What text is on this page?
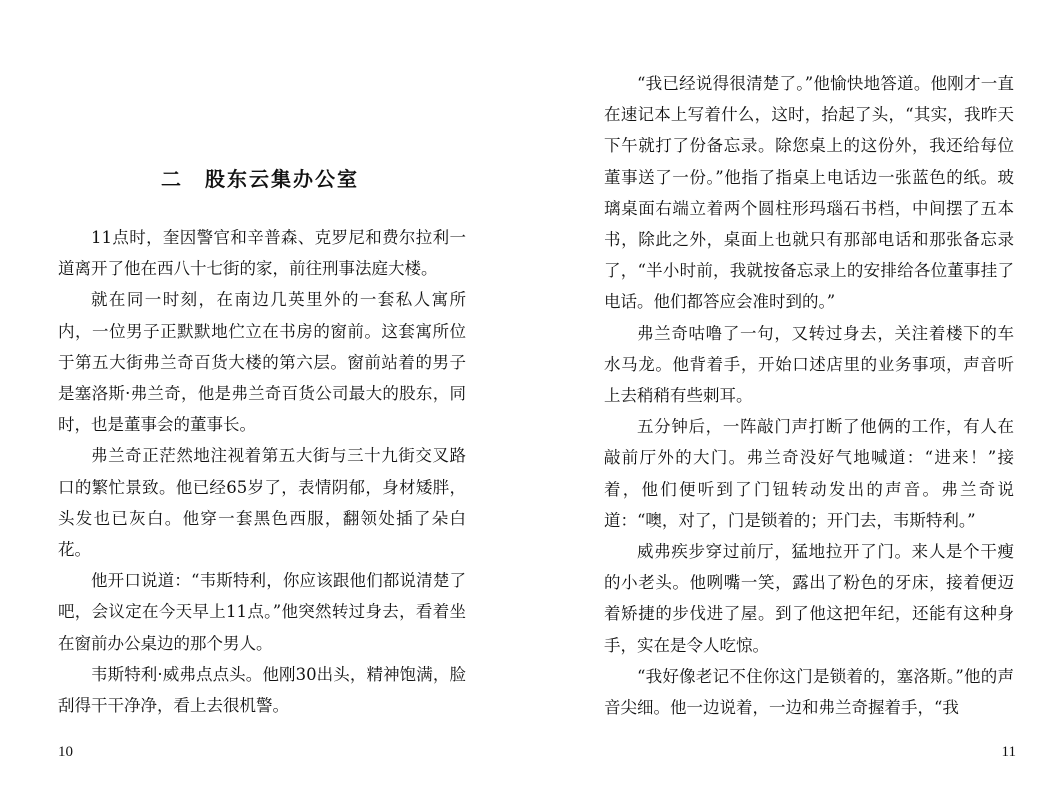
二　股东云集办公室

11点时，奎因警官和辛普森、克罗尼和费尔拉利一道离开了他在西八十七街的家，前往刑事法庭大楼。

就在同一时刻，在南边几英里外的一套私人寓所内，一位男子正默默地伫立在书房的窗前。这套寓所位于第五大街弗兰奇百货大楼的第六层。窗前站着的男子是塞洛斯·弗兰奇，他是弗兰奇百货公司最大的股东，同时，也是董事会的董事长。

弗兰奇正茫然地注视着第五大街与三十九街交叉路口的繁忙景致。他已经65岁了，表情阴郁，身材矮胖，头发也已灰白。他穿一套黑色西服，翻领处插了朵白花。

他开口说道：“韦斯特利，你应该跟他们都说清楚了吧，会议定在今天早上11点。”他突然转过身去，看着坐在窗前办公桌边的那个男人。

韦斯特利·威弗点点头。他刚30出头，精神饱满，脸刮得干干净净，看上去很机警。

10

“我已经说得很清楚了。”他愉快地答道。他刚才一直在速记本上写着什么，这时，抬起了头，“其实，我昨天下午就打了份备忘录。除您桌上的这份外，我还给每位董事送了一份。”他指了指桌上电话边一张蓝色的纸。玻璃桌面右端立着两个圆柱形玛瑙石书档，中间摆了五本书，除此之外，桌面上也就只有那部电话和那张备忘录了，“半小时前，我就按备忘录上的安排给各位董事挂了电话。他们都答应会准时到的。”

弗兰奇咕噜了一句，又转过身去，关注着楼下的车水马龙。他背着手，开始口述店里的业务事项，声音听上去稍稍有些刺耳。

五分钟后，一阵敲门声打断了他俩的工作，有人在敲前厅外的大门。弗兰奇没好气地喊道：“进来！”接着，他们便听到了门钮转动发出的声音。弗兰奇说道：“噢，对了，门是锁着的；开门去，韦斯特利。”

威弗疾步穿过前厅，猛地拉开了门。来人是个干瘦的小老头。他咧嘴一笑，露出了粉色的牙床，接着便迈着矫捷的步伐进了屋。到了他这把年纪，还能有这种身手，实在是令人吃惊。

“我好像老记不住你这门是锁着的，塞洛斯。”他的声音尖细。他一边说着，一边和弗兰奇握着手，“我

11
